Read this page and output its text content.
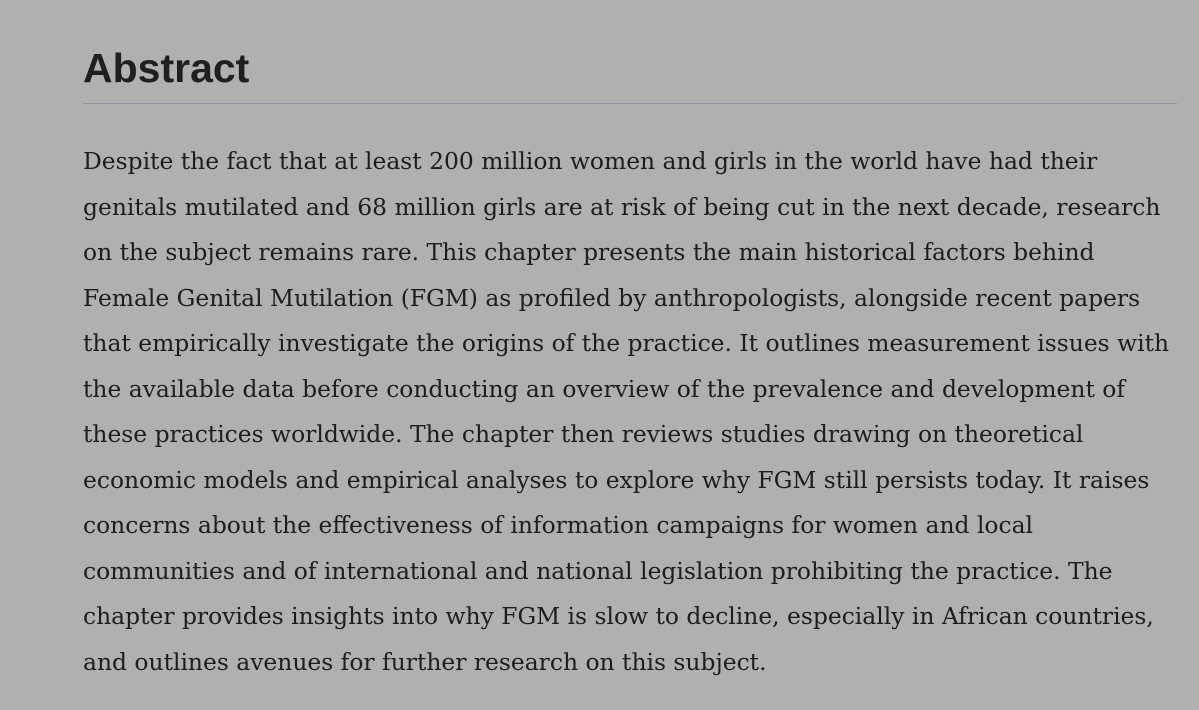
Abstract

Despite the fact that at least 200 million women and girls in the world have had their
genitals mutilated and 68 million girls are at risk of being cut in the next decade, research
on the subject remains rare. This chapter presents the main historical factors behind
Female Genital Mutilation (FGM) as profiled by anthropologists, alongside recent papers
that empirically investigate the origins of the practice. It outlines measurement issues with
the available data before conducting an overview of the prevalence and development of
these practices worldwide. The chapter then reviews studies drawing on theoretical
economic models and empirical analyses to explore why FGM still persists today. It raises
concerns about the effectiveness of information campaigns for women and local
communities and of international and national legislation prohibiting the practice. The
chapter provides insights into why FGM is slow to decline, especially in African countries,
and outlines avenues for further research on this subject.
